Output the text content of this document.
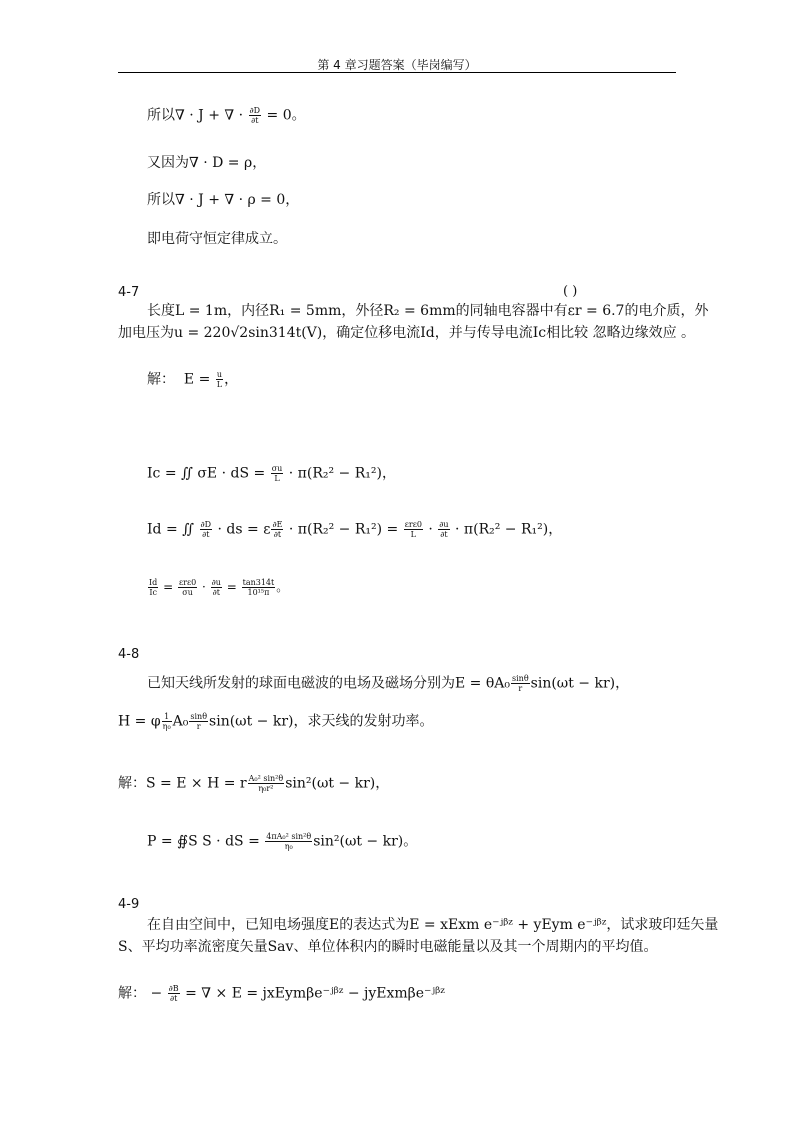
第 4 章习题答案（毕岗编写）
所以∇ · J + ∇ · $\frac{\partial D}{\partial t} = 0$。
又因为∇ · D = ρ，
所以∇ · J + ∇ · ρ = 0，
即电荷守恒定律成立。
4-7	( )
长度L = 1m，内径R₁ = 5mm，外径R₂ = 6mm的同轴电容器中有εr = 6.7的电介质，外
加电压为u = 220√2sin314t(V)，确定位移电流Id，并与传导电流Ic相比较 忽略边缘效应 。
解： $E = \frac{u}{L}$ ，
Ic = ∬ σE · dS = $\frac{\sigma u}{L} \cdot \pi(R_2^2 - R_1^2)$，
Id = ∬ $\frac{\partial D}{\partial t}$ · ds = ε $\frac{\partial E}{\partial t} \cdot \pi(R_2^2 - R_1^2) = \frac{\text{εrε0}}{L} \cdot \frac{\partial u}{\partial t} \cdot \pi(R_2^2 - R_1^2)$，
$\frac{Id}{Ic} = \frac{\text{εrε0}}{\sigma u} \cdot \frac{\partial u}{\partial t} = \frac{\tan 314t}{\text{10¹⁵π}}$ 。
4-8
已知天线所发射的球面电磁波的电场及磁场分别为$E = \theta A_0 \frac{\sin\theta}{r} \sin(\omega t - kr)$，
H = φ $\frac{1}{\text{η₀}} A_0 \frac{\sin\theta}{r} \sin(\omega t - kr)$，求天线的发射功率。
解：S = E × H = r $\frac{\text{A₀² sin²θ}}{\text{η₀r²}} \sin^2(\omega t - kr)$，
P = ∯S S · dS = $\frac{\text{4πA₀² sin²θ}}{\text{η₀}} \sin^2(\omega t - kr)$。
4-9
在自由空间中，已知电场强度E的表达式为E = xExm e⁻ʲᵝᶻ + yEym e⁻ʲᵝᶻ，试求玻印廷矢量
S、平均功率流密度矢量Sav、单位体积内的瞬时电磁能量以及其一个周期内的平均值。
解： − $\frac{\partial B}{\partial t}$ = ∇ × E = jxEymβe⁻ʲᵝᶻ − jyExmβe⁻ʲᵝᶻ
